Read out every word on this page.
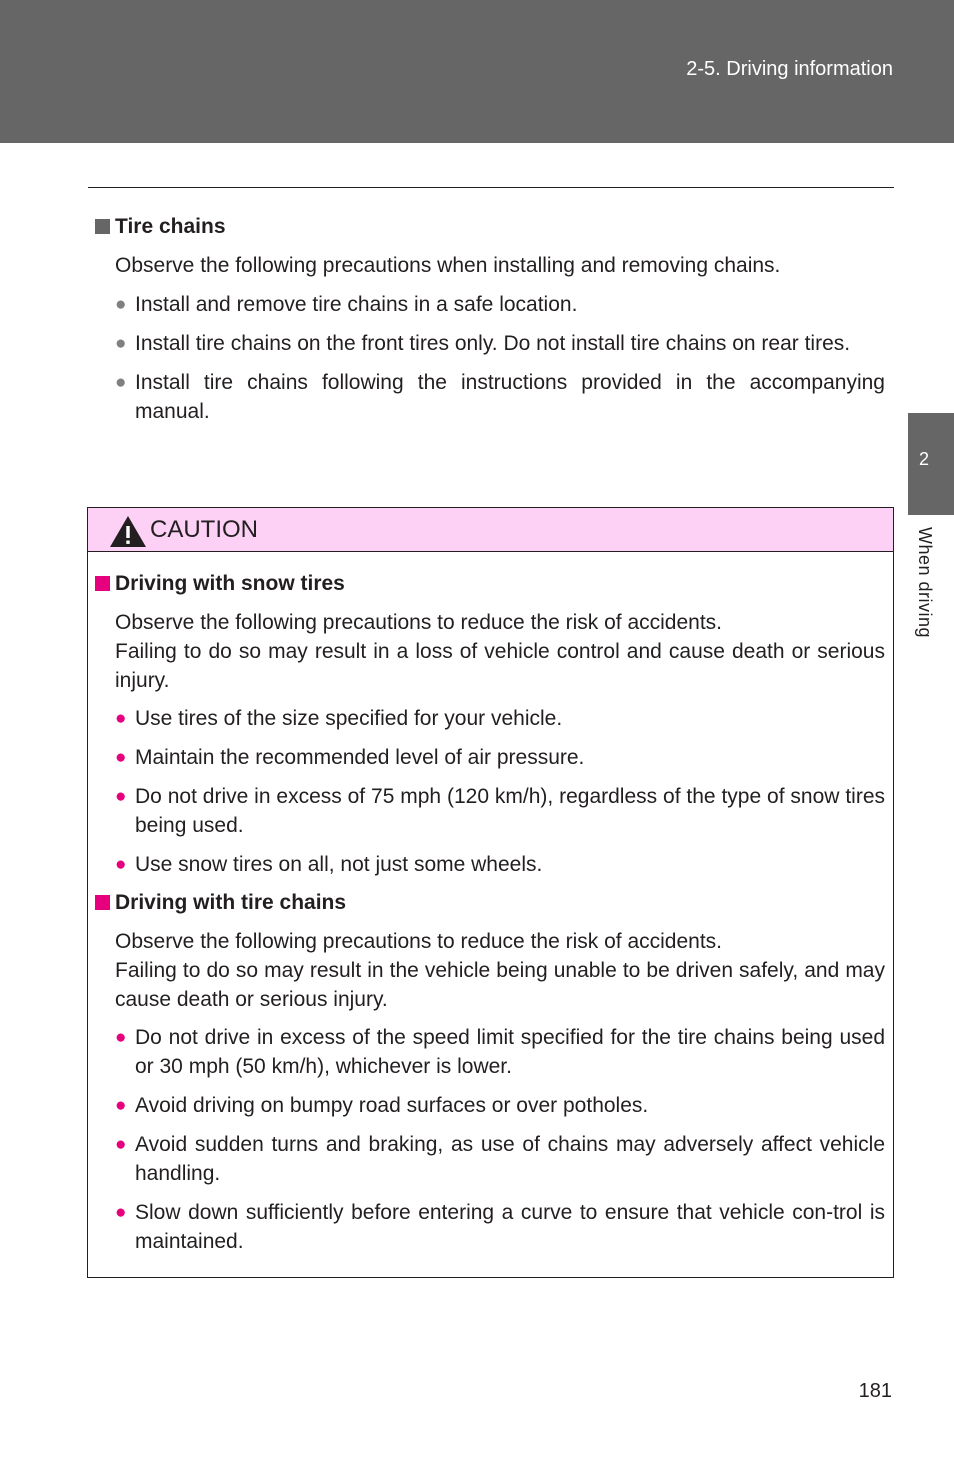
2-5. Driving information
2
When driving
Tire chains
Observe the following precautions when installing and removing chains.
● Install and remove tire chains in a safe location.
● Install tire chains on the front tires only. Do not install tire chains on rear tires.
● Install tire chains following the instructions provided in the accompanying manual.
CAUTION
Driving with snow tires
Observe the following precautions to reduce the risk of accidents.
Failing to do so may result in a loss of vehicle control and cause death or serious injury.
● Use tires of the size specified for your vehicle.
● Maintain the recommended level of air pressure.
● Do not drive in excess of 75 mph (120 km/h), regardless of the type of snow tires being used.
● Use snow tires on all, not just some wheels.
Driving with tire chains
Observe the following precautions to reduce the risk of accidents.
Failing to do so may result in the vehicle being unable to be driven safely, and may cause death or serious injury.
● Do not drive in excess of the speed limit specified for the tire chains being used or 30 mph (50 km/h), whichever is lower.
● Avoid driving on bumpy road surfaces or over potholes.
● Avoid sudden turns and braking, as use of chains may adversely affect vehicle handling.
● Slow down sufficiently before entering a curve to ensure that vehicle con-trol is maintained.
181
